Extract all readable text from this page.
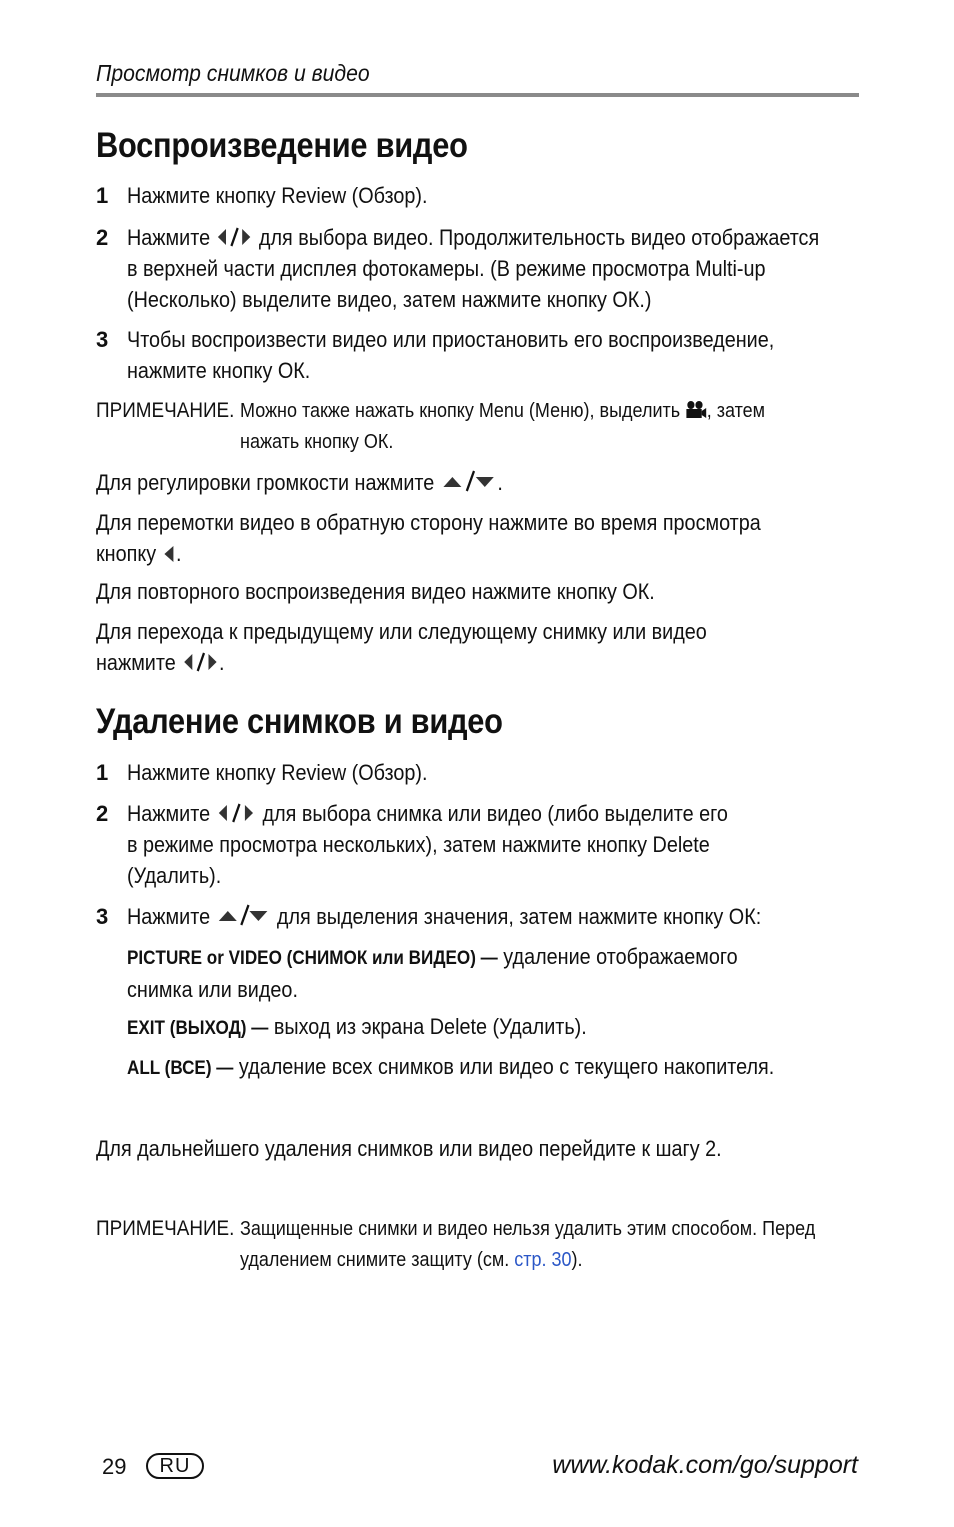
Просмотр снимков и видео
Воспроизведение видео
1 Нажмите кнопку Review (Обзор).
2 Нажмите для выбора видео. Продолжительность видео отображается
в верхней части дисплея фотокамеры. (В режиме просмотра Multi-up
(Несколько) выделите видео, затем нажмите кнопку ОК.)
3 Чтобы воспроизвести видео или приостановить его воспроизведение,
нажмите кнопку ОК.
ПРИМЕЧАНИЕ. Можно также нажать кнопку Menu (Меню), выделить , затем
нажать кнопку ОК.
Для регулировки громкости нажмите	.
Для перемотки видео в обратную сторону нажмите во время просмотра
кнопку .
Для повторного воспроизведения видео нажмите кнопку ОК.
Для перехода к предыдущему или следующему снимку или видео
нажмите .
Удаление снимков и видео
1 Нажмите кнопку Review (Обзор).
2 Нажмите для выбора снимка или видео (либо выделите его
в режиме просмотра нескольких), затем нажмите кнопку Delete
(Удалить).
3 Нажмите	для выделения значения, затем нажмите кнопку ОК:
PICTURE or VIDEO (СНИМОК или ВИДЕО) — удаление отображаемого
снимка или видео.
EXIT (ВЫХОД) — выход из экрана Delete (Удалить).
ALL (ВСЕ) — удаление всех снимков или видео с текущего накопителя.
Для дальнейшего удаления снимков или видео перейдите к шагу 2.
ПРИМЕЧАНИЕ. Защищенные снимки и видео нельзя удалить этим способом. Перед
удалением снимите защиту (см. стр. 30).
29	RU	www.kodak.com/go/support
